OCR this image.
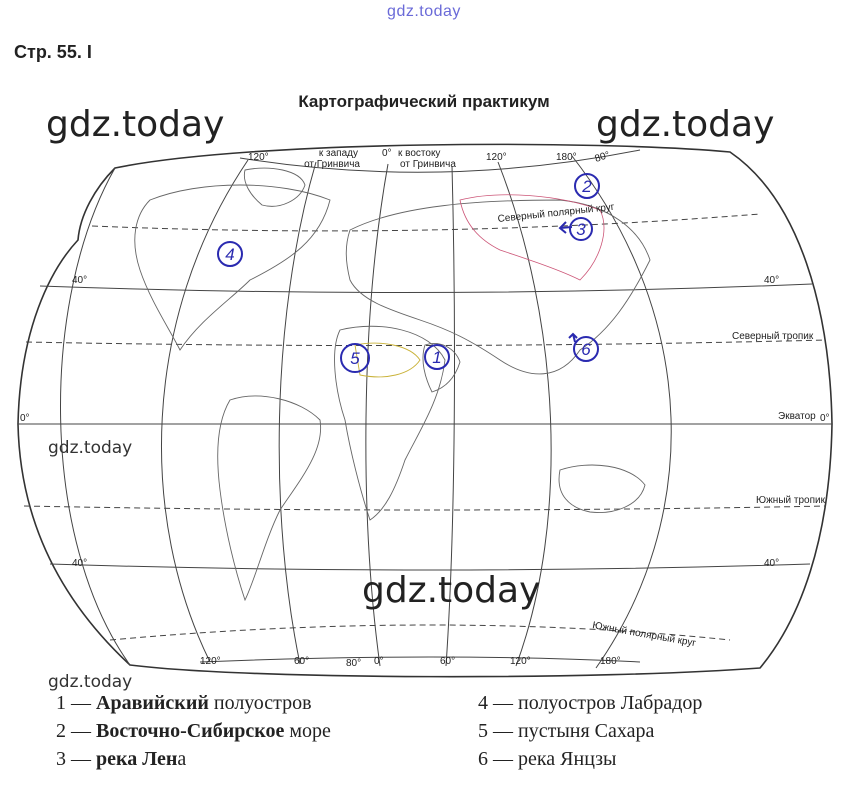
gdz.today
Стр. 55. I
Картографический практикум
к западу
от Гринвича
0° к востоку
от Гринвича
120°	120°	180° 80°
Северный полярный круг
40°	40°
Северный тропик
Экватор
0°	0°
Южный тропик
40°	40°
Южный полярный круг
120°	60°	80° 0°	60°	120°	180°
1
2
3
4
5	6
gdz.today	gdz.today
gdz.today
gdz.today
gdz.today
1 — Аравийский полуостров
2 — Восточно-Сибирское море
3 — река Лена
4 — полуостров Лабрадор
5 — пустыня Сахара
6 — река Янцзы
